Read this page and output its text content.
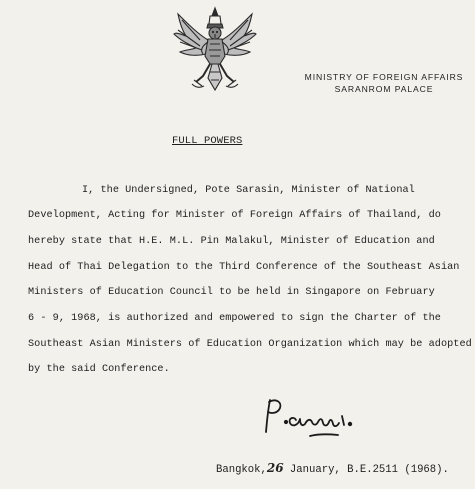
MINISTRY OF FOREIGN AFFAIRS
SARANROM PALACE
FULL POWERS
I, the Undersigned, Pote Sarasin, Minister of National
Development, Acting for Minister of Foreign Affairs of Thailand, do
hereby state that H.E. M.L. Pin Malakul, Minister of Education and
Head of Thai Delegation to the Third Conference of the Southeast Asian
Ministers of Education Council to be held in Singapore on February
6 - 9, 1968, is authorized and empowered to sign the Charter of the
Southeast Asian Ministers of Education Organization which may be adopted
by the said Conference.
Bangkok,26 January, B.E.2511 (1968).
